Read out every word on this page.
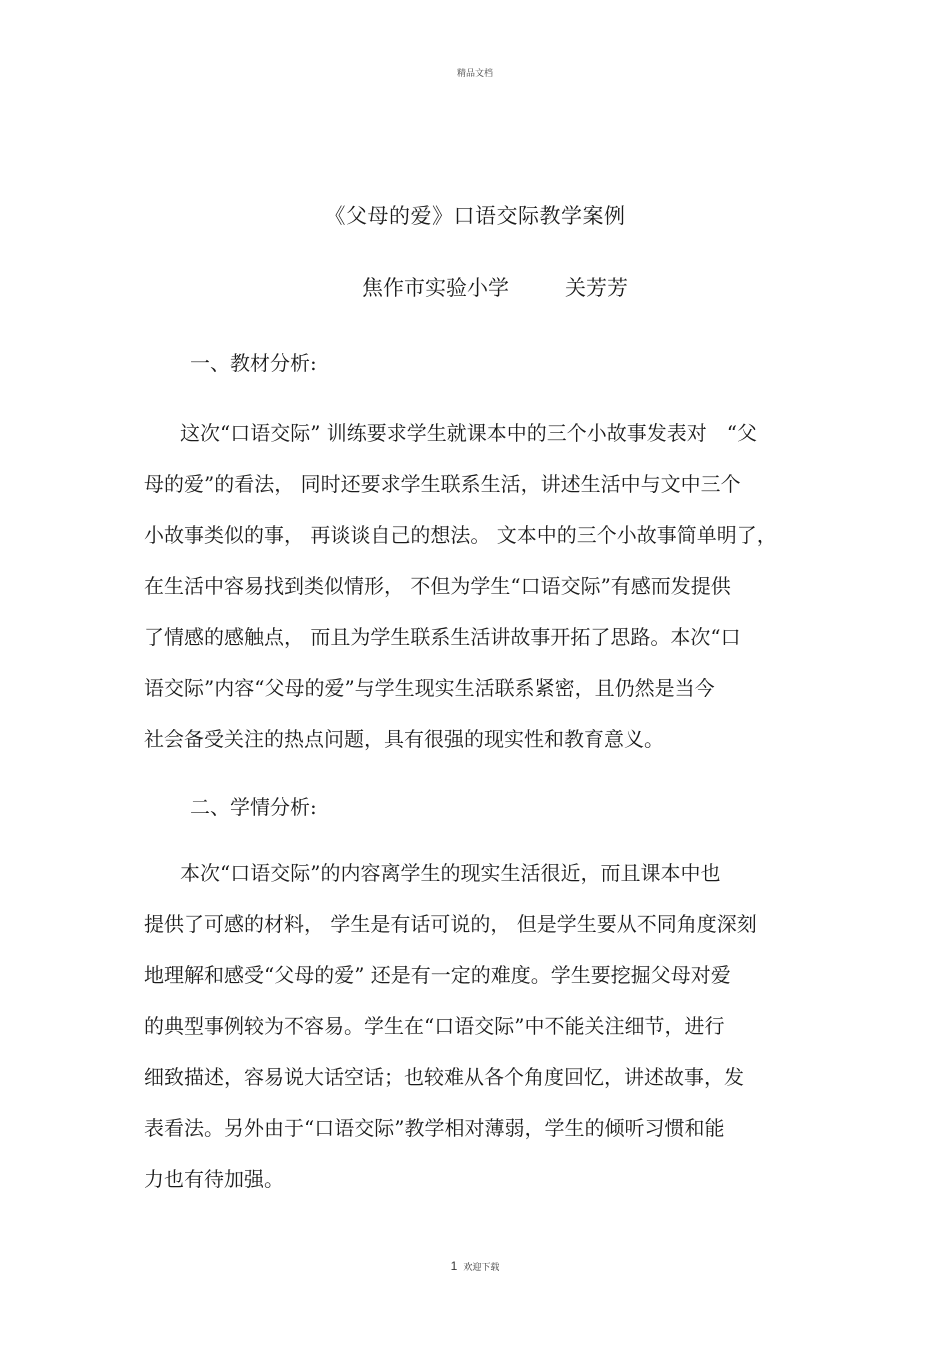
精品文档
《父母的爱》口语交际教学案例
焦作市实验小学	关芳芳
一、教材分析:
这次“口语交际” 训练要求学生就课本中的三个小故事发表对　“父
母的爱”的看法， 同时还要求学生联系生活，讲述生活中与文中三个
小故事类似的事， 再谈谈自己的想法。 文本中的三个小故事简单明了，
在生活中容易找到类似情形， 不但为学生“口语交际”有感而发提供
了情感的感触点， 而且为学生联系生活讲故事开拓了思路。本次“口
语交际”内容“父母的爱”与学生现实生活联系紧密，且仍然是当今
社会备受关注的热点问题，具有很强的现实性和教育意义。
二、学情分析:
本次“口语交际”的内容离学生的现实生活很近，而且课本中也
提供了可感的材料， 学生是有话可说的， 但是学生要从不同角度深刻
地理解和感受“父母的爱” 还是有一定的难度。学生要挖掘父母对爱
的典型事例较为不容易。学生在“口语交际”中不能关注细节，进行
细致描述，容易说大话空话；也较难从各个角度回忆，讲述故事，发
表看法。另外由于“口语交际”教学相对薄弱，学生的倾听习惯和能
力也有待加强。
1 欢迎下载
